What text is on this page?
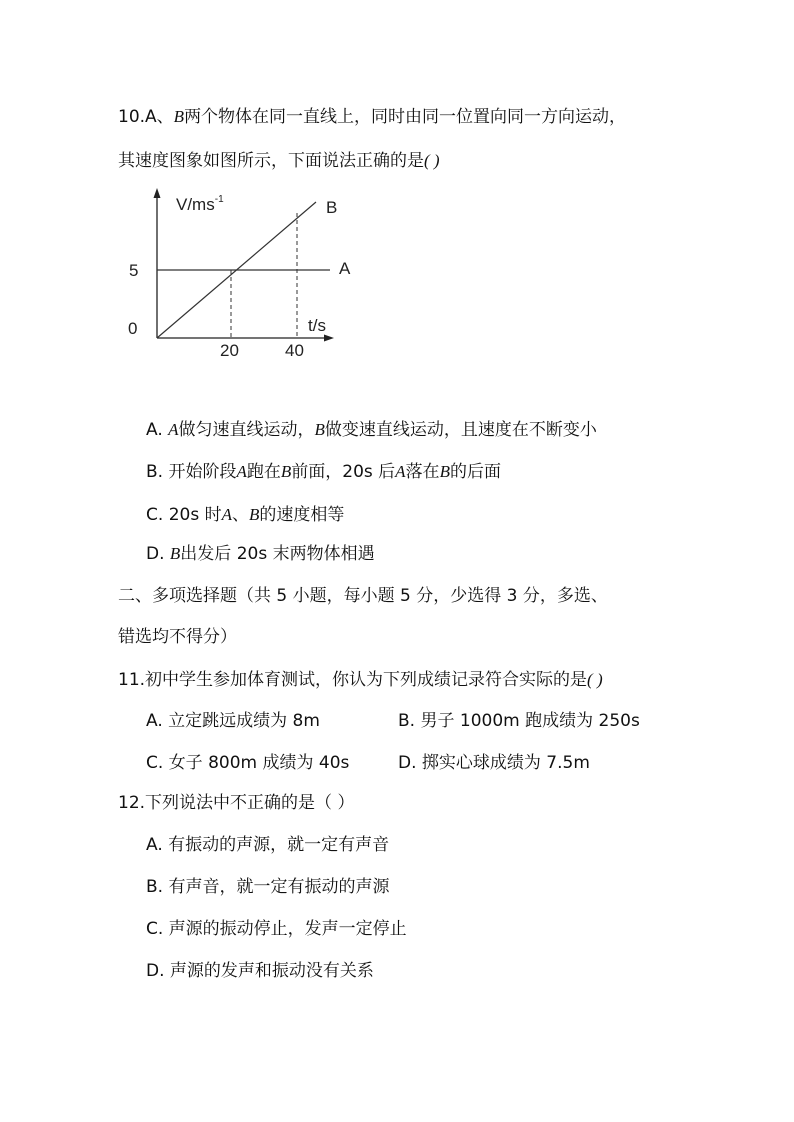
10.A、B两个物体在同一直线上，同时由同一位置向同一方向运动，
其速度图象如图所示，下面说法正确的是( )
$V/ms^{-1}$
t/s
0
5
20	40
A
B
A. A做匀速直线运动，B做变速直线运动，且速度在不断变小
B. 开始阶段A跑在B前面，20s 后A落在B的后面
C. 20s 时A、B的速度相等
D. B出发后 20s 末两物体相遇
二、多项选择题（共 5 小题，每小题 5 分，少选得 3 分，多选、
错选均不得分）
11.初中学生参加体育测试，你认为下列成绩记录符合实际的是( )
A. 立定跳远成绩为 8m	B. 男子 1000m 跑成绩为 250s
C. 女子 800m 成绩为 40s	D. 掷实心球成绩为 7.5m
12.下列说法中不正确的是（ ）
A. 有振动的声源，就一定有声音
B. 有声音，就一定有振动的声源
C. 声源的振动停止，发声一定停止
D. 声源的发声和振动没有关系
